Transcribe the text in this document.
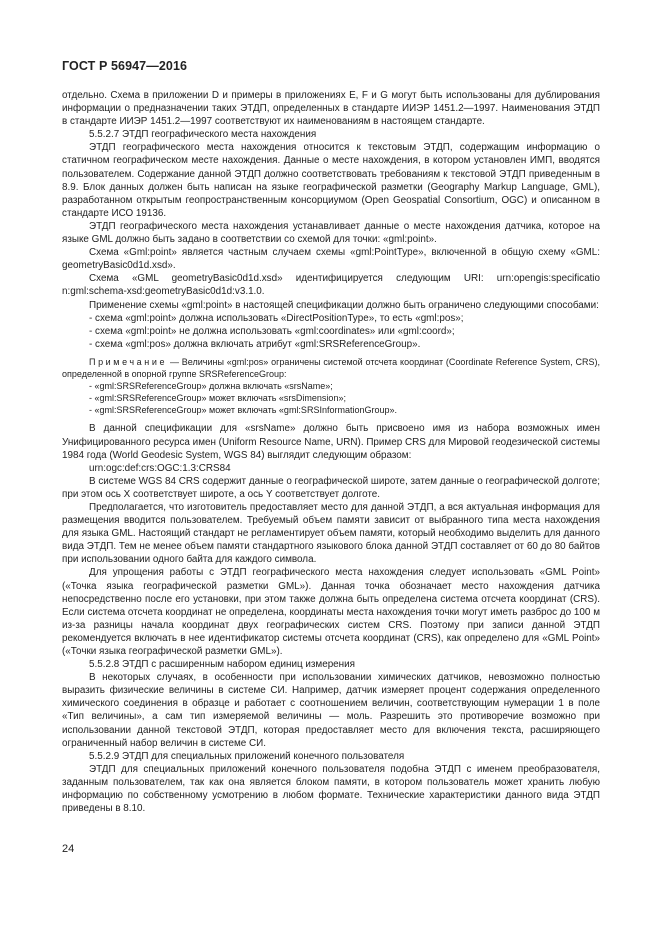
ГОСТ Р 56947—2016

отдельно. Схема в приложении D и примеры в приложениях E, F и G могут быть использованы для дублирования информации о предназначении таких ЭТДП, определенных в стандарте ИИЭР 1451.2—1997. Наименования ЭТДП в стандарте ИИЭР 1451.2—1997 соответствуют их наименованиям в настоящем стандарте.

5.5.2.7 ЭТДП географического места нахождения

ЭТДП географического места нахождения относится к текстовым ЭТДП, содержащим информацию о статичном географическом месте нахождения. Данные о месте нахождения, в котором установлен ИМП, вводятся пользователем. Содержание данной ЭТДП должно соответствовать требованиям к текстовой ЭТДП приведенным в 8.9. Блок данных должен быть написан на языке географической разметки (Geography Markup Language, GML), разработанном открытым геопространственным консорциумом (Open Geospatial Consortium, OGC) и описанном в стандарте ИСО 19136.

ЭТДП географического места нахождения устанавливает данные о месте нахождения датчика, которое на языке GML должно быть задано в соответствии со схемой для точки: «gml:point».

Схема «Gml:point» является частным случаем схемы «gml:PointType», включенной в общую схему «GML: geometryBasic0d1d.xsd».

Схема «GML geometryBasic0d1d.xsd» идентифицируется следующим URI: urn:opengis:specificatio n:gml:schema-xsd:geometryBasic0d1d:v3.1.0.

Применение схемы «gml:point» в настоящей спецификации должно быть ограничено следующими способами:

- схема «gml:point» должна использовать «DirectPositionType», то есть «gml:pos»;

- схема «gml:point» не должна использовать «gml:coordinates» или «gml:coord»;

- схема «gml:pos» должна включать атрибут «gml:SRSReferenceGroup».

Примечание — Величины «gml:pos» ограничены системой отсчета координат (Coordinate Reference System, CRS), определенной в опорной группе SRSReferenceGroup:

- «gml:SRSReferenceGroup» должна включать «srsName»;

- «gml:SRSReferenceGroup» может включать «srsDimension»;

- «gml:SRSReferenceGroup» может включать «gml:SRSInformationGroup».

В данной спецификации для «srsName» должно быть присвоено имя из набора возможных имен Унифицированного ресурса имен (Uniform Resource Name, URN). Пример CRS для Мировой геодезической системы 1984 года (World Geodesic System, WGS 84) выглядит следующим образом:

urn:ogc:def:crs:OGC:1.3:CRS84

В системе WGS 84 CRS содержит данные о географической широте, затем данные о географической долготе; при этом ось X соответствует широте, а ось Y соответствует долготе.

Предполагается, что изготовитель предоставляет место для данной ЭТДП, а вся актуальная информация для размещения вводится пользователем. Требуемый объем памяти зависит от выбранного типа места нахождения для языка GML. Настоящий стандарт не регламентирует объем памяти, который необходимо выделить для данного вида ЭТДП. Тем не менее объем памяти стандартного языкового блока данной ЭТДП составляет от 60 до 80 байтов при использовании одного байта для каждого символа.

Для упрощения работы с ЭТДП географического места нахождения следует использовать «GML Point» («Точка языка географической разметки GML»). Данная точка обозначает место нахождения датчика непосредственно после его установки, при этом также должна быть определена система отсчета координат (CRS). Если система отсчета координат не определена, координаты места нахождения точки могут иметь разброс до 100 м из-за разницы начала координат двух географических систем CRS. Поэтому при записи данной ЭТДП рекомендуется включать в нее идентификатор системы отсчета координат (CRS), как определено для «GML Point» («Точки языка географической разметки GML»).

5.5.2.8 ЭТДП с расширенным набором единиц измерения

В некоторых случаях, в особенности при использовании химических датчиков, невозможно полностью выразить физические величины в системе СИ. Например, датчик измеряет процент содержания определенного химического соединения в образце и работает с соотношением величин, соответствующим нумерации 1 в поле «Тип величины», а сам тип измеряемой величины — моль. Разрешить это противоречие возможно при использовании данной текстовой ЭТДП, которая предоставляет место для включения текста, расширяющего ограниченный набор величин в системе СИ.

5.5.2.9 ЭТДП для специальных приложений конечного пользователя

ЭТДП для специальных приложений конечного пользователя подобна ЭТДП с именем преобразователя, заданным пользователем, так как она является блоком памяти, в котором пользователь может хранить любую информацию по собственному усмотрению в любом формате. Технические характеристики данного вида ЭТДП приведены в 8.10.

24
